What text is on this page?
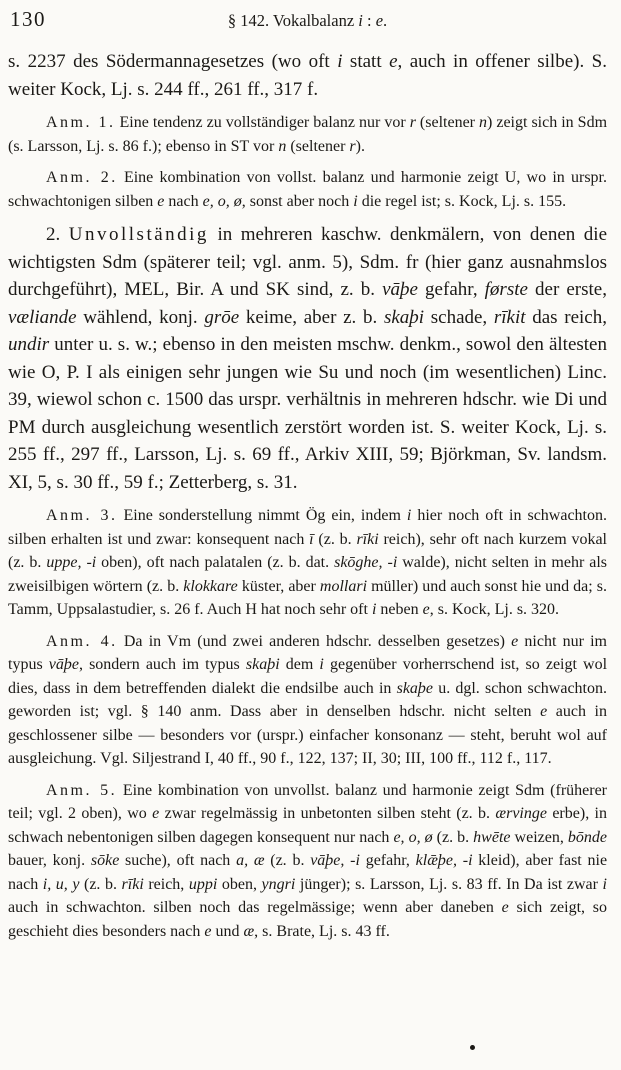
130	§ 142. Vokalbalanz i : e.

s. 2237 des Södermannagesetzes (wo oft i statt e, auch in offener silbe). S. weiter Kock, Lj. s. 244 ff., 261 ff., 317 f.

Anm. 1. Eine tendenz zu vollständiger balanz nur vor r (seltener n) zeigt sich in Sdm (s. Larsson, Lj. s. 86 f.); ebenso in ST vor n (seltener r).

Anm. 2. Eine kombination von vollst. balanz und harmonie zeigt U, wo in urspr. schwachtonigen silben e nach e, o, ø, sonst aber noch i die regel ist; s. Kock, Lj. s. 155.

2. Unvollständig in mehreren kaschw. denkmälern, von denen die wichtigsten Sdm (späterer teil; vgl. anm. 5), Sdm. fr (hier ganz ausnahmslos durchgeführt), MEL, Bir. A und SK sind, z. b. vāþe gefahr, første der erste, væliande wählend, konj. grōe keime, aber z. b. skaþi schade, rīkit das reich, undir unter u. s. w.; ebenso in den meisten mschw. denkm., sowol den ältesten wie O, P. I als einigen sehr jungen wie Su und noch (im wesentlichen) Linc. 39, wiewol schon c. 1500 das urspr. verhältnis in mehreren hdschr. wie Di und PM durch ausgleichung wesentlich zerstört worden ist. S. weiter Kock, Lj. s. 255 ff., 297 ff., Larsson, Lj. s. 69 ff., Arkiv XIII, 59; Björkman, Sv. landsm. XI, 5, s. 30 ff., 59 f.; Zetterberg, s. 31.

Anm. 3. Eine sonderstellung nimmt Ög ein, indem i hier noch oft in schwachton. silben erhalten ist und zwar: konsequent nach ī (z. b. rīki reich), sehr oft nach kurzem vokal (z. b. uppe, -i oben), oft nach palatalen (z. b. dat. skōghe, -i walde), nicht selten in mehr als zweisilbigen wörtern (z. b. klokkare küster, aber mollari müller) und auch sonst hie und da; s. Tamm, Uppsalastudier, s. 26 f. Auch H hat noch sehr oft i neben e, s. Kock, Lj. s. 320.

Anm. 4. Da in Vm (und zwei anderen hdschr. desselben gesetzes) e nicht nur im typus vāþe, sondern auch im typus skaþi dem i gegenüber vorherrschend ist, so zeigt wol dies, dass in dem betreffenden dialekt die endsilbe auch in skaþe u. dgl. schon schwachton. geworden ist; vgl. § 140 anm. Dass aber in denselben hdschr. nicht selten e auch in geschlossener silbe — besonders vor (urspr.) einfacher konsonanz — steht, beruht wol auf ausgleichung. Vgl. Siljestrand I, 40 ff., 90 f., 122, 137; II, 30; III, 100 ff., 112 f., 117.

Anm. 5. Eine kombination von unvollst. balanz und harmonie zeigt Sdm (früherer teil; vgl. 2 oben), wo e zwar regelmässig in unbetonten silben steht (z. b. ærvinge erbe), in schwach nebentonigen silben dagegen konsequent nur nach e, o, ø (z. b. hwēte weizen, bōnde bauer, konj. sōke suche), oft nach a, æ (z. b. vāþe, -i gefahr, klǣþe, -i kleid), aber fast nie nach i, u, y (z. b. rīki reich, uppi oben, yngri jünger); s. Larsson, Lj. s. 83 ff. In Da ist zwar i auch in schwachton. silben noch das regelmässige; wenn aber daneben e sich zeigt, so geschieht dies besonders nach e und æ, s. Brate, Lj. s. 43 ff.
